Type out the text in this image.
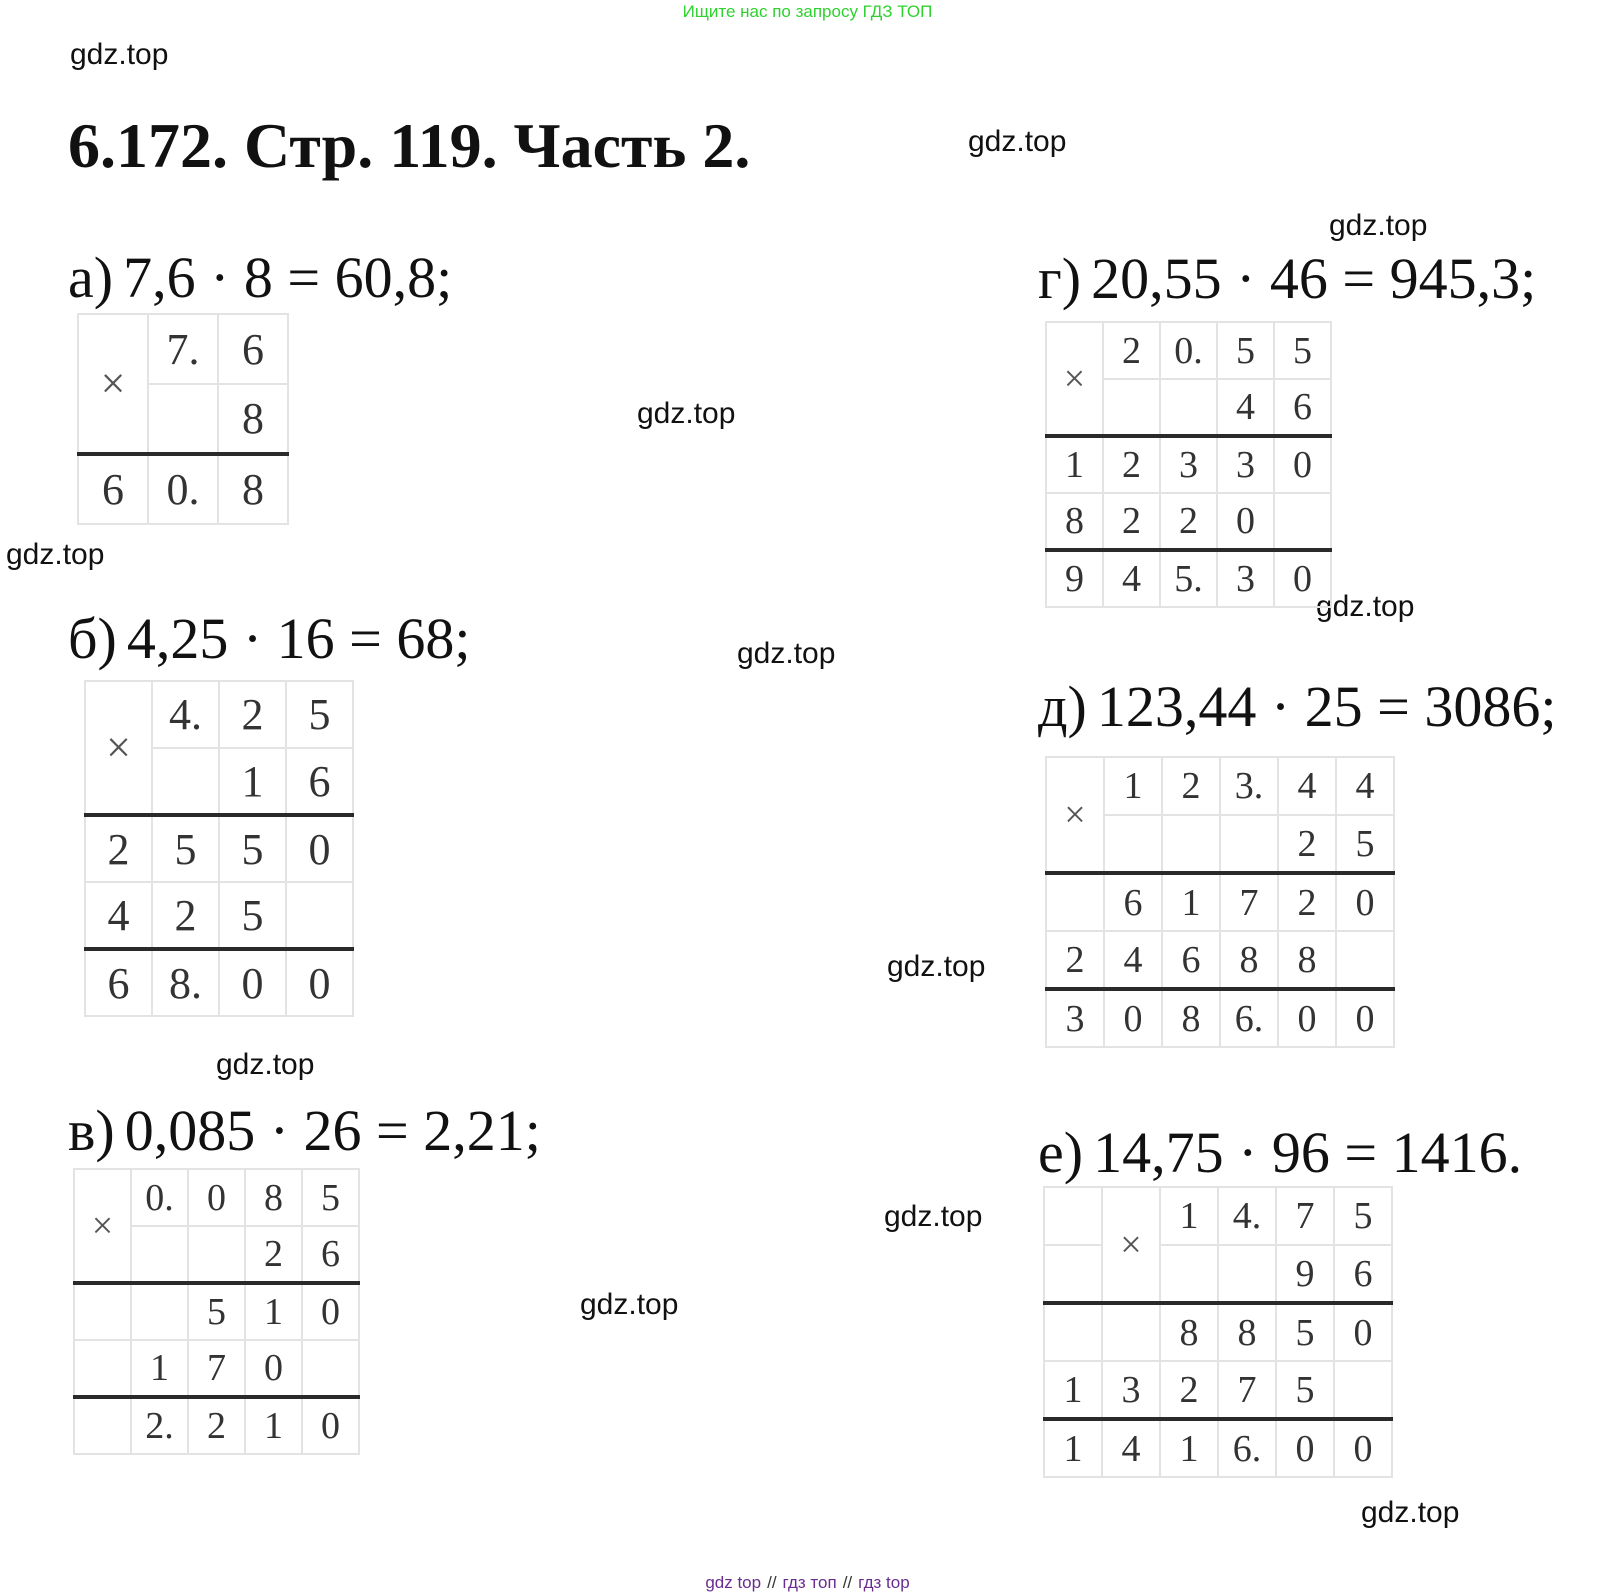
Ищите нас по запросу ГДЗ ТОП
gdz.top
gdz.top
gdz.top
gdz.top
gdz.top
gdz.top
gdz.top
gdz.top
gdz.top
gdz.top
gdz.top
gdz.top
6.172. Стр. 119. Часть 2.
а) 7,6 · 8 = 60,8;
×	7.	6
		8
6	0.	8
б) 4,25 · 16 = 68;
×	4.	2	5
		1	6
2	5	5	0
4	2	5	
6	8.	0	0
в) 0,085 · 26 = 2,21;
×	0.	0	8	5
			2	6
		5	1	0
	1	7	0	
	2.	2	1	0
г) 20,55 · 46 = 945,3;
×	2	0.	5	5
			4	6
1	2	3	3	0
8	2	2	0	
9	4	5.	3	0
д) 123,44 · 25 = 3086;
×	1	2	3.	4	4
				2	5
	6	1	7	2	0
2	4	6	8	8	
3	0	8	6.	0	0
е) 14,75 · 96 = 1416.
	×	1	4.	7	5
				9	6
		8	8	5	0
1	3	2	7	5	
1	4	1	6.	0	0
gdz top // гдз топ // гдз top
